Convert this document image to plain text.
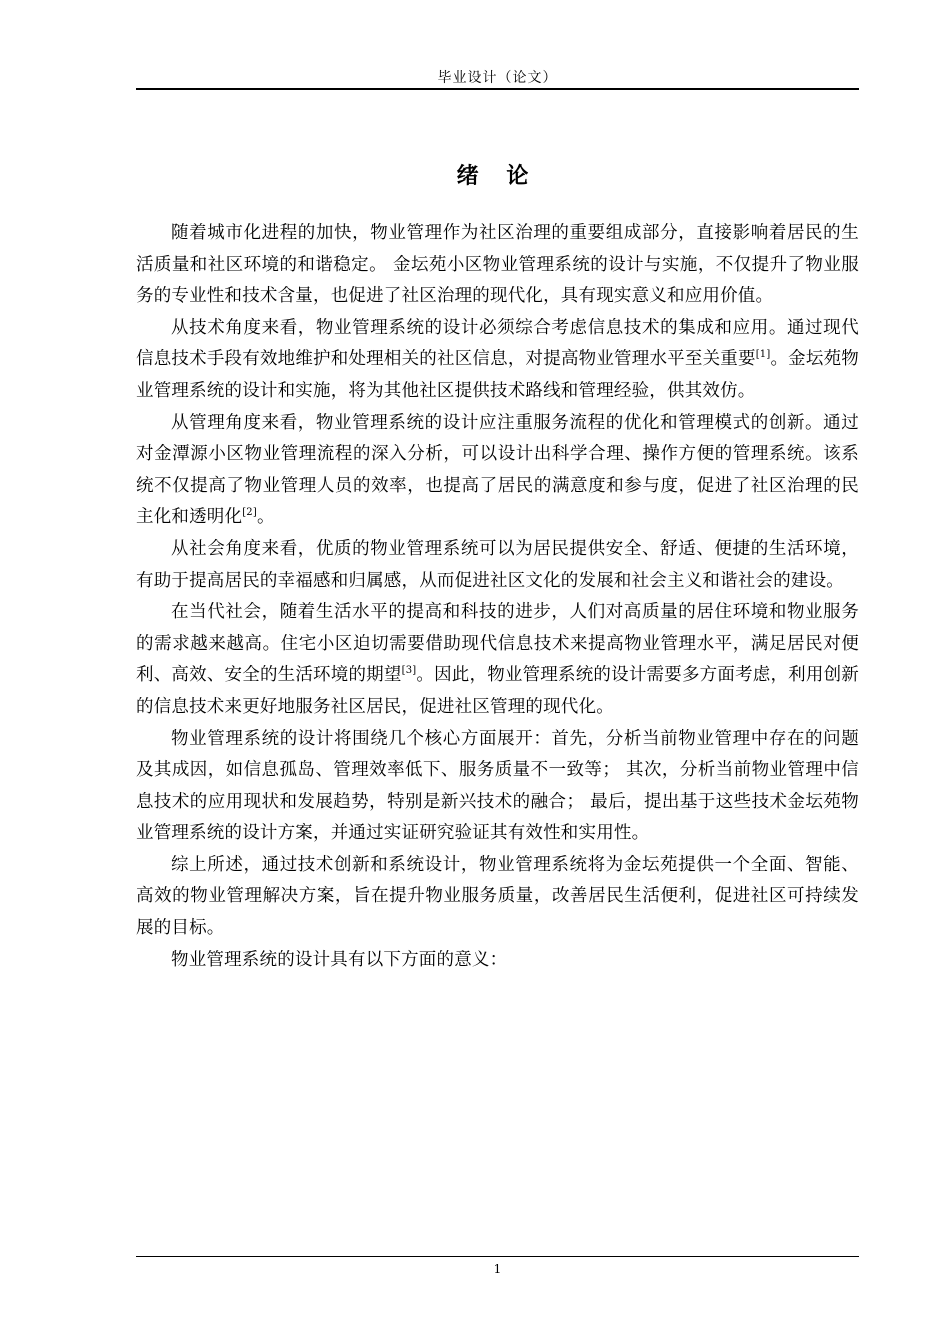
毕业设计（论文）
绪 论

随着城市化进程的加快，物业管理作为社区治理的重要组成部分，直接影响着居民的生活质量和社区环境的和谐稳定。 金坛苑小区物业管理系统的设计与实施，不仅提升了物业服务的专业性和技术含量，也促进了社区治理的现代化，具有现实意义和应用价值。

从技术角度来看，物业管理系统的设计必须综合考虑信息技术的集成和应用。通过现代信息技术手段有效地维护和处理相关的社区信息，对提高物业管理水平至关重要[1]。金坛苑物业管理系统的设计和实施，将为其他社区提供技术路线和管理经验，供其效仿。

从管理角度来看，物业管理系统的设计应注重服务流程的优化和管理模式的创新。通过对金潭源小区物业管理流程的深入分析，可以设计出科学合理、操作方便的管理系统。该系统不仅提高了物业管理人员的效率，也提高了居民的满意度和参与度，促进了社区治理的民主化和透明化[2]。

从社会角度来看，优质的物业管理系统可以为居民提供安全、舒适、便捷的生活环境，有助于提高居民的幸福感和归属感，从而促进社区文化的发展和社会主义和谐社会的建设。

在当代社会，随着生活水平的提高和科技的进步，人们对高质量的居住环境和物业服务的需求越来越高。住宅小区迫切需要借助现代信息技术来提高物业管理水平，满足居民对便利、高效、安全的生活环境的期望[3]。因此，物业管理系统的设计需要多方面考虑，利用创新的信息技术来更好地服务社区居民，促进社区管理的现代化。

物业管理系统的设计将围绕几个核心方面展开：首先，分析当前物业管理中存在的问题及其成因，如信息孤岛、管理效率低下、服务质量不一致等； 其次，分析当前物业管理中信息技术的应用现状和发展趋势，特别是新兴技术的融合； 最后，提出基于这些技术金坛苑物业管理系统的设计方案，并通过实证研究验证其有效性和实用性。

综上所述，通过技术创新和系统设计，物业管理系统将为金坛苑提供一个全面、智能、高效的物业管理解决方案，旨在提升物业服务质量，改善居民生活便利，促进社区可持续发展的目标。

物业管理系统的设计具有以下方面的意义：

1
